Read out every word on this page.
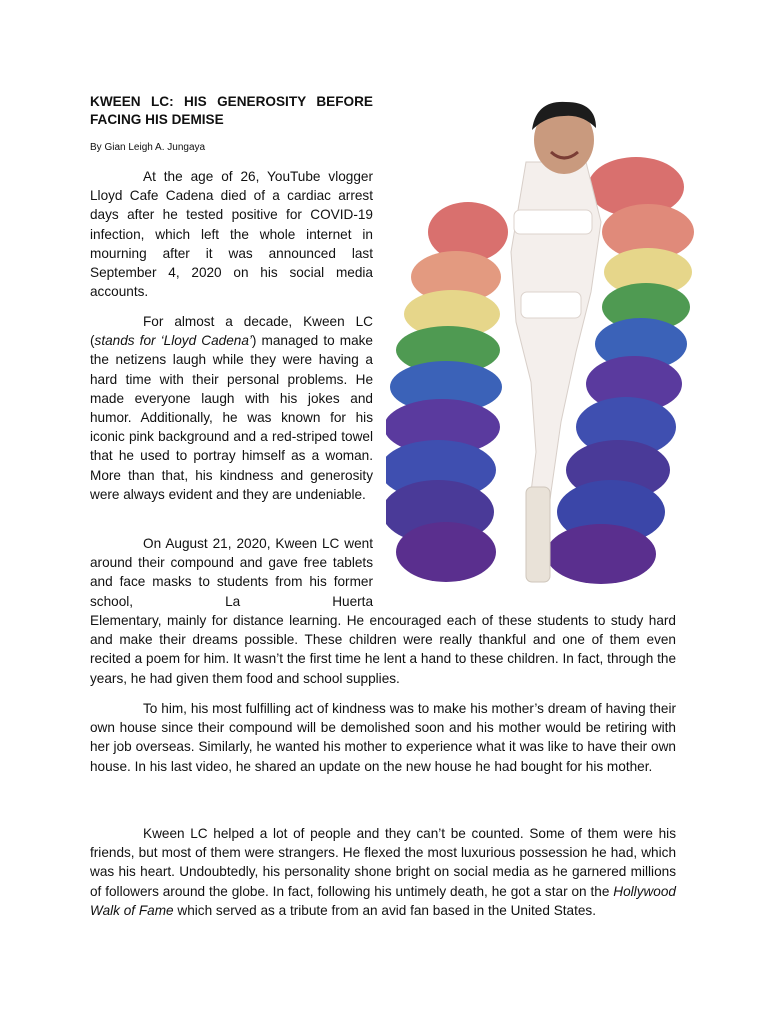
KWEEN LC: HIS GENEROSITY BEFORE FACING HIS DEMISE

By Gian Leigh A. Jungaya

At the age of 26, YouTube vlogger Lloyd Cafe Cadena died of a cardiac arrest days after he tested positive for COVID-19 infection, which left the whole internet in mourning after it was announced last September 4, 2020 on his social media accounts.

For almost a decade, Kween LC (stands for ‘Lloyd Cadena’) managed to make the netizens laugh while they were having a hard time with their personal problems. He made everyone laugh with his jokes and humor. Additionally, he was known for his iconic pink background and a red-striped towel that he used to portray himself as a woman. More than that, his kindness and generosity were always evident and they are undeniable.

On August 21, 2020, Kween LC went around their compound and gave free tablets and face masks to students from his former school, La Huerta

Elementary, mainly for distance learning. He encouraged each of these students to study hard and make their dreams possible. These children were really thankful and one of them even recited a poem for him. It wasn’t the first time he lent a hand to these children. In fact, through the years, he had given them food and school supplies.

To him, his most fulfilling act of kindness was to make his mother’s dream of having their own house since their compound will be demolished soon and his mother would be retiring with her job overseas. Similarly, he wanted his mother to experience what it was like to have their own house. In his last video, he shared an update on the new house he had bought for his mother.

Kween LC helped a lot of people and they can’t be counted. Some of them were his friends, but most of them were strangers. He flexed the most luxurious possession he had, which was his heart. Undoubtedly, his personality shone bright on social media as he garnered millions of followers around the globe. In fact, following his untimely death, he got a star on the Hollywood Walk of Fame which served as a tribute from an avid fan based in the United States.
